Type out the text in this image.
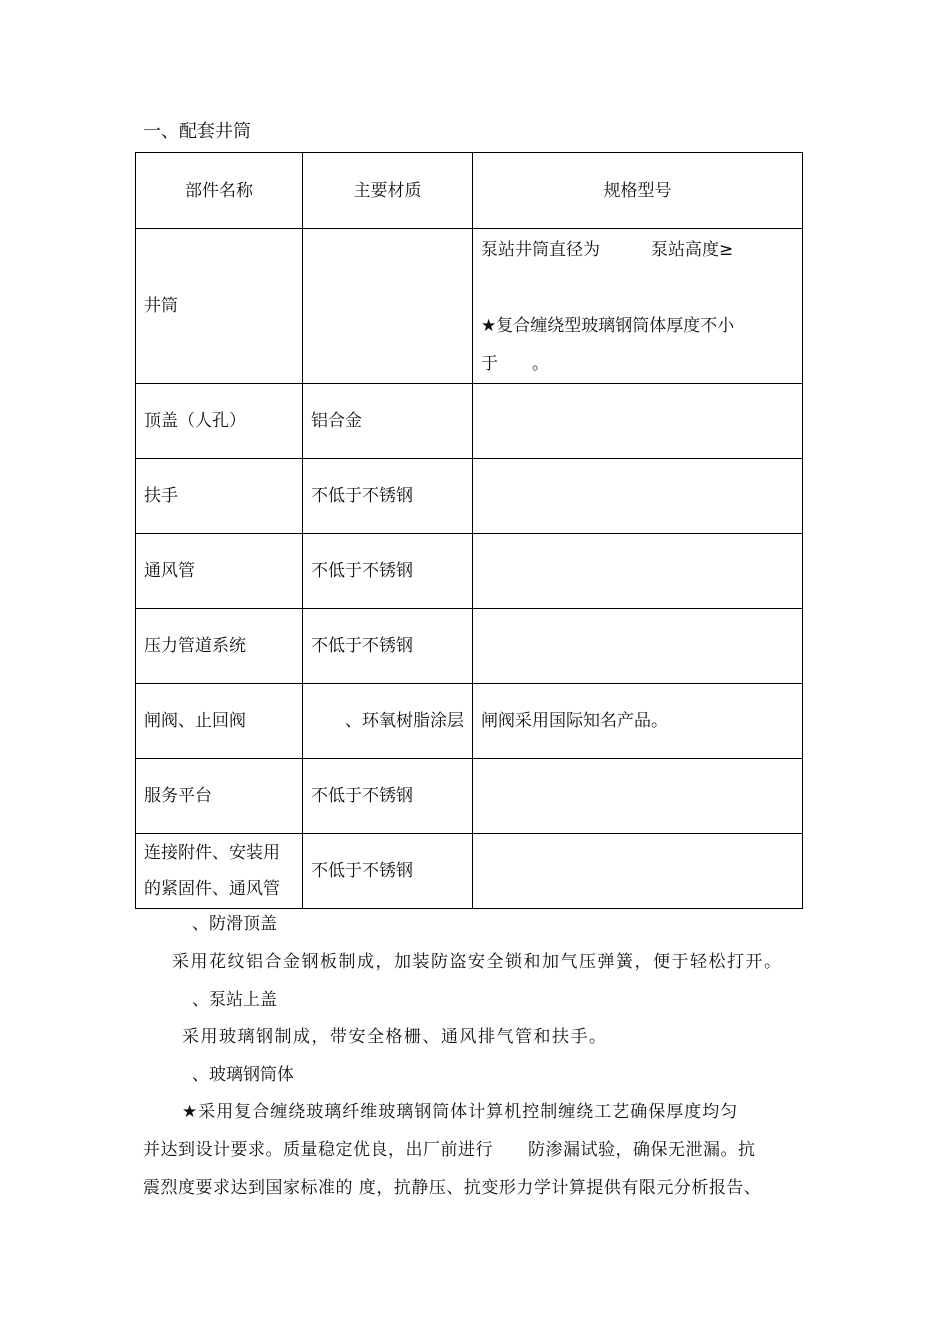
一、配套井筒
部件名称	主要材质	规格型号
井筒		泵站井筒直径为　　　泵站高度≥
★复合缠绕型玻璃钢筒体厚度不小
于　　。

顶盖（人孔）	铝合金	
扶手	不低于不锈钢	
通风管	不低于不锈钢	
压力管道系统	不低于不锈钢	
闸阀、止回阀	　　、环氧树脂涂层	闸阀采用国际知名产品。
服务平台	不低于不锈钢	
连接附件、安装用的紧固件、通风管	不低于不锈钢	
、防滑顶盖
采用花纹铝合金钢板制成，加装防盗安全锁和加气压弹簧，便于轻松打开。
、泵站上盖
采用玻璃钢制成，带安全格栅、通风排气管和扶手。
、玻璃钢筒体
★采用复合缠绕玻璃纤维玻璃钢筒体计算机控制缠绕工艺确保厚度均匀
并达到设计要求。质量稳定优良，出厂前进行　　防渗漏试验，确保无泄漏。抗
震烈度要求达到国家标准的 度，抗静压、抗变形力学计算提供有限元分析报告、
